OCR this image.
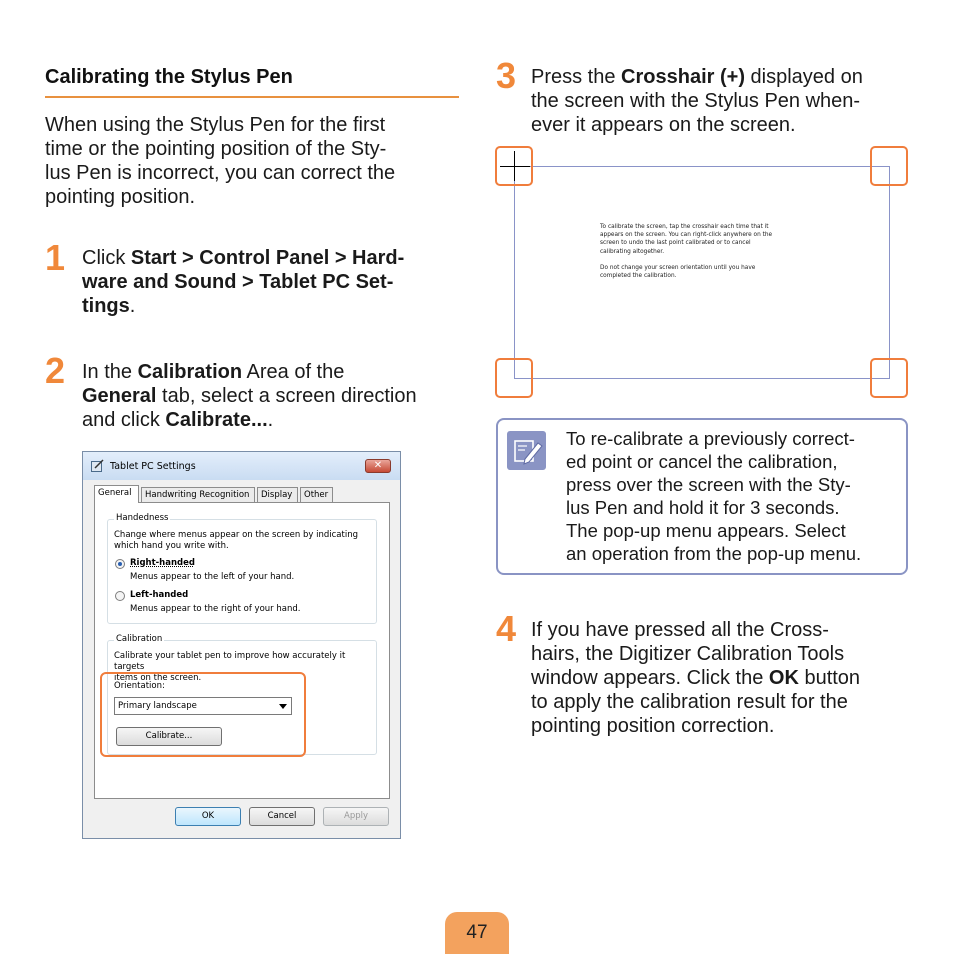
Calibrating the Stylus Pen
When using the Stylus Pen for the first
time or the pointing position of the Sty-
lus Pen is incorrect, you can correct the
pointing position.
1 Click Start > Control Panel > Hard-
ware and Sound > Tablet PC Set-
tings.
2 In the Calibration Area of the
General tab, select a screen direction
and click Calibrate....
Tablet PC Settings	✕
General	Handwriting Recognition	Display	Other
Handedness
Change where menus appear on the screen by indicating
which hand you write with.
Right-handed
Menus appear to the left of your hand.
Left-handed
Menus appear to the right of your hand.
Calibration
Calibrate your tablet pen to improve how accurately it targets
items on the screen.
Orientation:
Primary landscape
Calibrate...
OK	Cancel	Apply
3 Press the Crosshair (+) displayed on
the screen with the Stylus Pen when-
ever it appears on the screen.
To calibrate the screen, tap the crosshair each time that it
appears on the screen. You can right-click anywhere on the
screen to undo the last point calibrated or to cancel
calibrating altogether.
Do not change your screen orientation until you have
completed the calibration.
To re-calibrate a previously correct-
ed point or cancel the calibration,
press over the screen with the Sty-
lus Pen and hold it for 3 seconds.
The pop-up menu appears. Select
an operation from the pop-up menu.
4 If you have pressed all the Cross-
hairs, the Digitizer Calibration Tools
window appears. Click the OK button
to apply the calibration result for the
pointing position correction.
47
